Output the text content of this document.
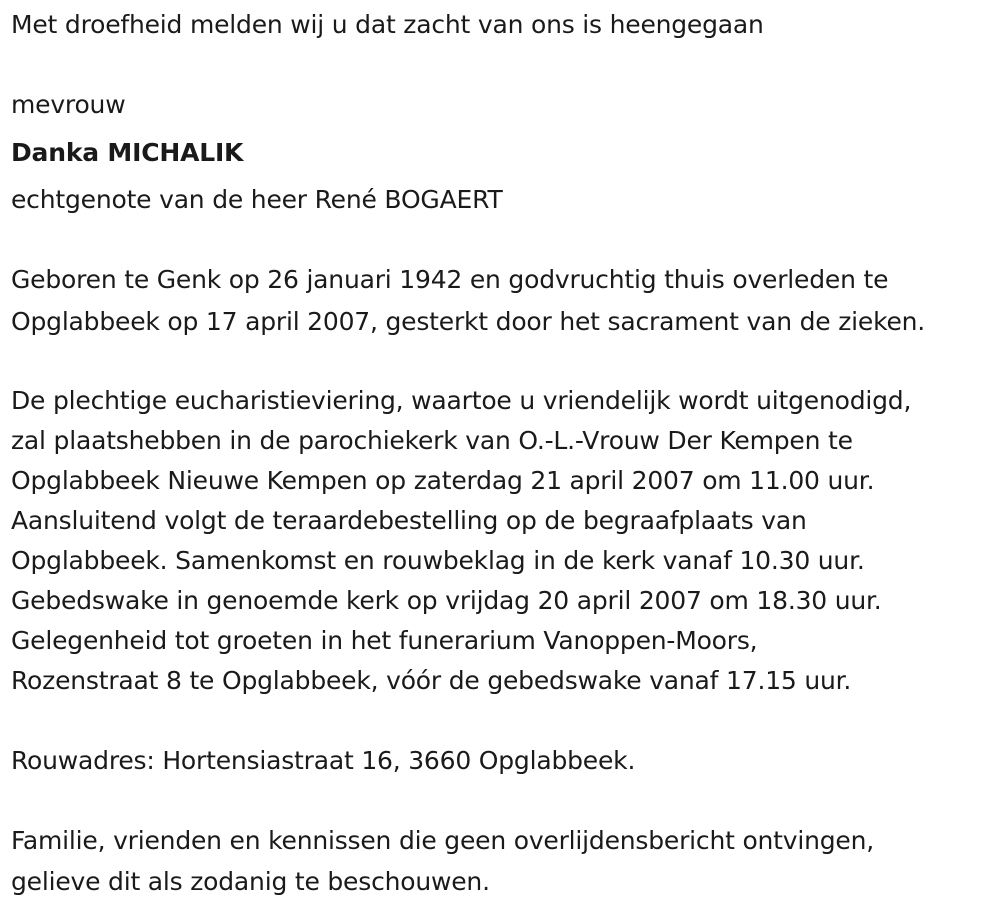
Met droefheid melden wij u dat zacht van ons is heengegaan
mevrouw
Danka MICHALIK
echtgenote van de heer René BOGAERT
Geboren te Genk op 26 januari 1942 en godvruchtig thuis overleden te
Opglabbeek op 17 april 2007, gesterkt door het sacrament van de zieken.
De plechtige eucharistieviering, waartoe u vriendelijk wordt uitgenodigd,
zal plaatshebben in de parochiekerk van O.-L.-Vrouw Der Kempen te
Opglabbeek Nieuwe Kempen op zaterdag 21 april 2007 om 11.00 uur.
Aansluitend volgt de teraardebestelling op de begraafplaats van
Opglabbeek. Samenkomst en rouwbeklag in de kerk vanaf 10.30 uur.
Gebedswake in genoemde kerk op vrijdag 20 april 2007 om 18.30 uur.
Gelegenheid tot groeten in het funerarium Vanoppen-Moors,
Rozenstraat 8 te Opglabbeek, vóór de gebedswake vanaf 17.15 uur.
Rouwadres: Hortensiastraat 16, 3660 Opglabbeek.
Familie, vrienden en kennissen die geen overlijdensbericht ontvingen,
gelieve dit als zodanig te beschouwen.
